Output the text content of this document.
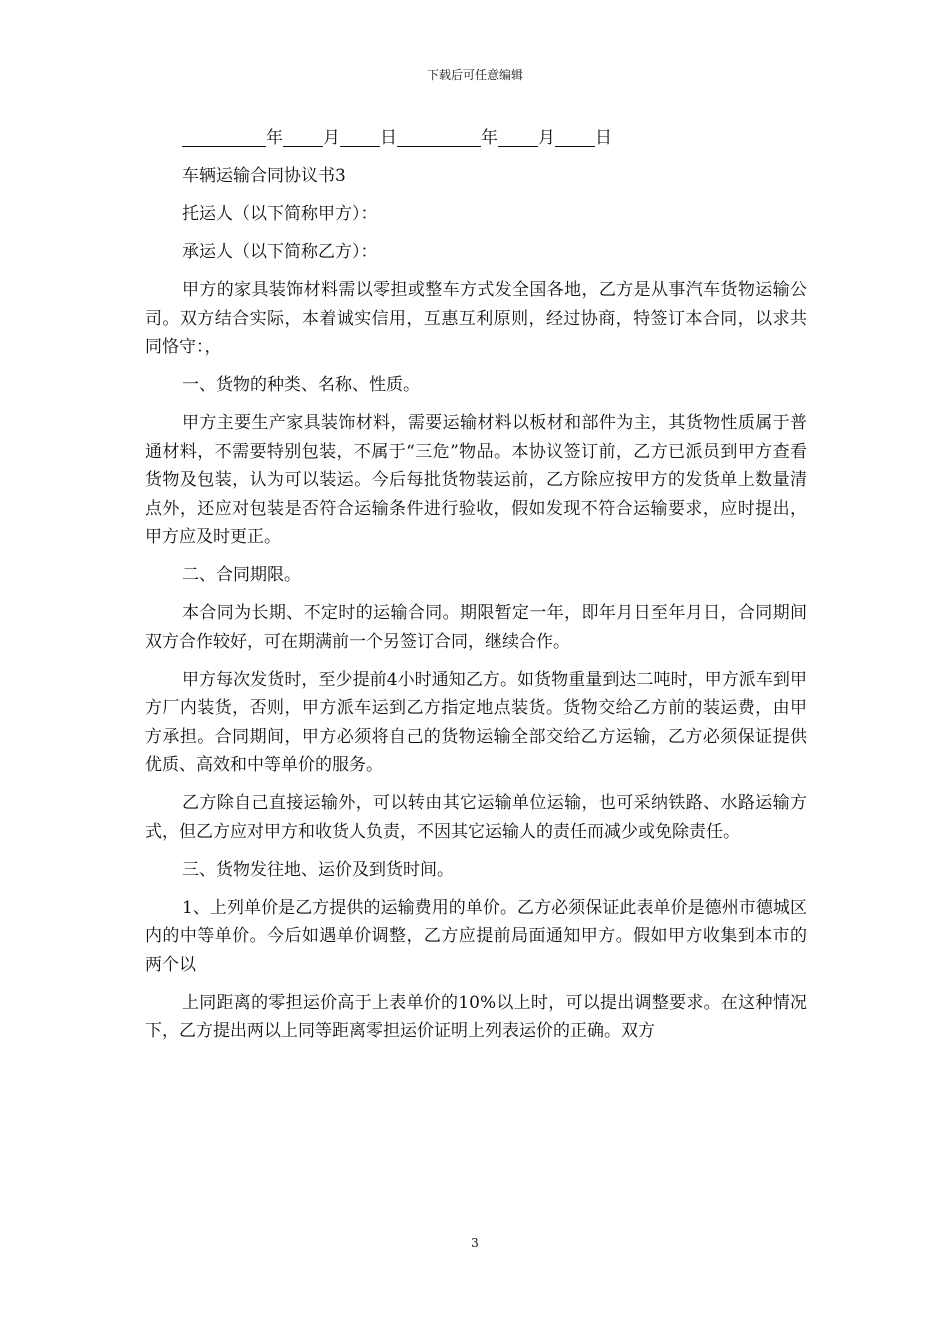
下载后可任意编辑
年 月 日	年 月 日

车辆运输合同协议书3

托运人（以下简称甲方）：

承运人（以下简称乙方）：

甲方的家具装饰材料需以零担或整车方式发全国各地，乙方是从事汽车货物运输公司。双方结合实际，本着诚实信用，互惠互利原则，经过协商，特签订本合同，以求共同恪守：，

一、货物的种类、名称、性质。

甲方主要生产家具装饰材料，需要运输材料以板材和部件为主，其货物性质属于普通材料，不需要特别包装，不属于“三危”物品。本协议签订前，乙方已派员到甲方查看货物及包装，认为可以装运。今后每批货物装运前，乙方除应按甲方的发货单上数量清点外，还应对包装是否符合运输条件进行验收，假如发现不符合运输要求，应时提出，甲方应及时更正。

二、合同期限。

本合同为长期、不定时的运输合同。期限暂定一年，即年月日至年月日，合同期间双方合作较好，可在期满前一个另签订合同，继续合作。

甲方每次发货时，至少提前4小时通知乙方。如货物重量到达二吨时，甲方派车到甲方厂内装货，否则，甲方派车运到乙方指定地点装货。货物交给乙方前的装运费，由甲方承担。合同期间，甲方必须将自己的货物运输全部交给乙方运输，乙方必须保证提供优质、高效和中等单价的服务。

乙方除自己直接运输外，可以转由其它运输单位运输，也可采纳铁路、水路运输方式，但乙方应对甲方和收货人负责，不因其它运输人的责任而减少或免除责任。

三、货物发往地、运价及到货时间。

1、上列单价是乙方提供的运输费用的单价。乙方必须保证此表单价是德州市德城区内的中等单价。今后如遇单价调整，乙方应提前局面通知甲方。假如甲方收集到本市的两个以

上同距离的零担运价高于上表单价的10%以上时，可以提出调整要求。在这种情况下，乙方提出两以上同等距离零担运价证明上列表运价的正确。双方

3
